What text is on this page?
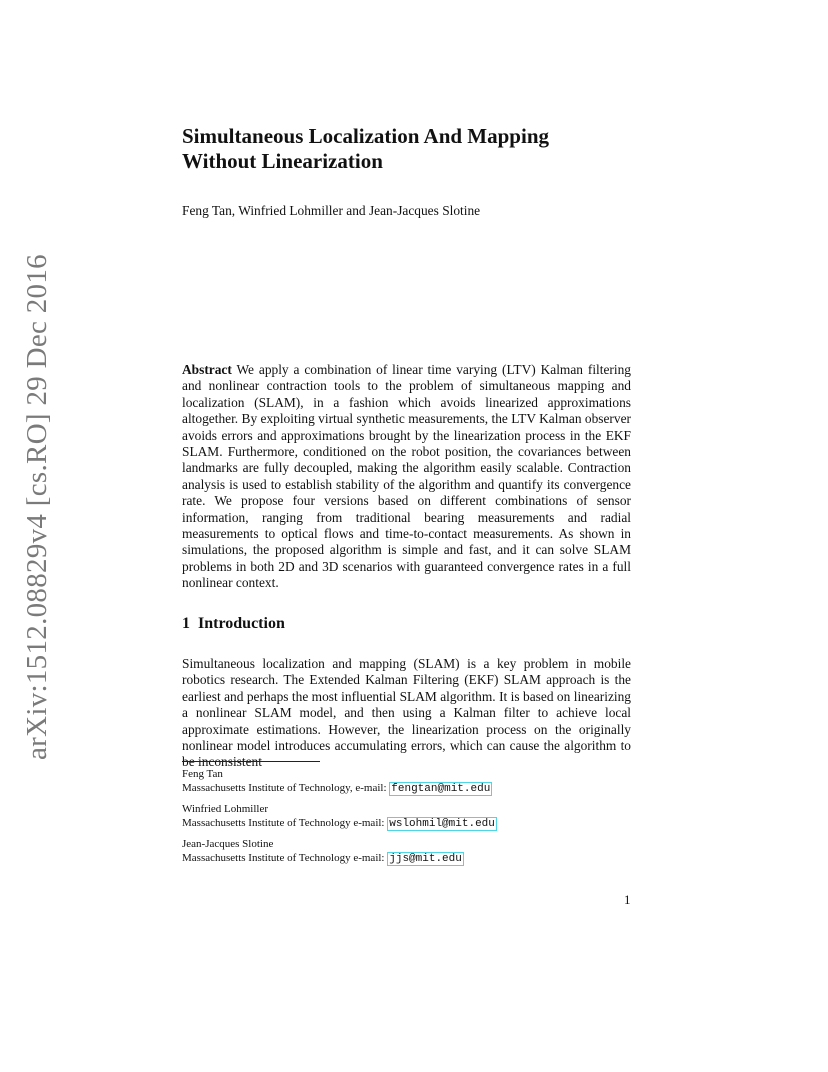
arXiv:1512.08829v4 [cs.RO] 29 Dec 2016
Simultaneous Localization And Mapping
Without Linearization
Feng Tan, Winfried Lohmiller and Jean-Jacques Slotine
Abstract We apply a combination of linear time varying (LTV) Kalman filtering and nonlinear contraction tools to the problem of simultaneous mapping and localization (SLAM), in a fashion which avoids linearized approximations altogether. By exploiting virtual synthetic measurements, the LTV Kalman observer avoids errors and approximations brought by the linearization process in the EKF SLAM. Furthermore, conditioned on the robot position, the covariances between landmarks are fully decoupled, making the algorithm easily scalable. Contraction analysis is used to establish stability of the algorithm and quantify its convergence rate. We propose four versions based on different combinations of sensor information, ranging from traditional bearing measurements and radial measurements to optical flows and time-to-contact measurements. As shown in simulations, the proposed algorithm is simple and fast, and it can solve SLAM problems in both 2D and 3D scenarios with guaranteed convergence rates in a full nonlinear context.
1 Introduction
Simultaneous localization and mapping (SLAM) is a key problem in mobile robotics research. The Extended Kalman Filtering (EKF) SLAM approach is the earliest and perhaps the most influential SLAM algorithm. It is based on linearizing a nonlinear SLAM model, and then using a Kalman filter to achieve local approximate estimations. However, the linearization process on the originally nonlinear model introduces accumulating errors, which can cause the algorithm to be inconsistent
Feng Tan
Massachusetts Institute of Technology, e-mail: fengtan@mit.edu
Winfried Lohmiller
Massachusetts Institute of Technology e-mail: wslohmil@mit.edu
Jean-Jacques Slotine
Massachusetts Institute of Technology e-mail: jjs@mit.edu
1
